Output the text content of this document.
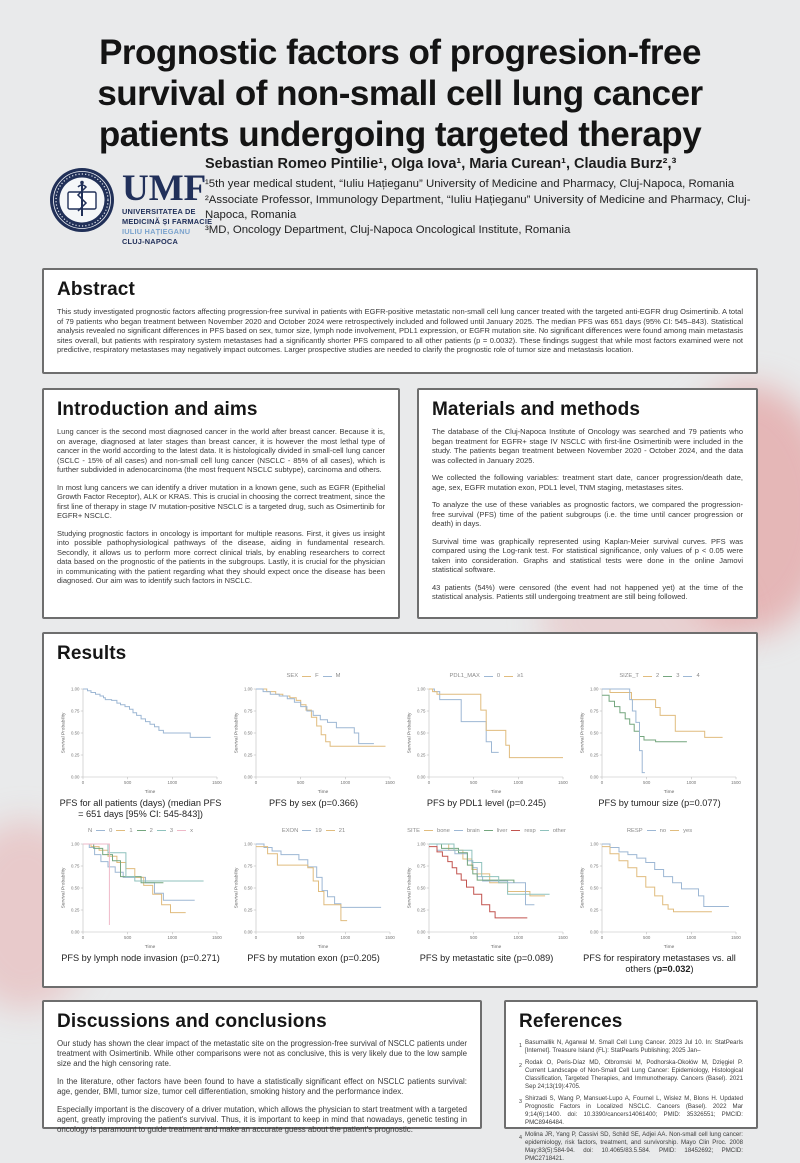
Prognostic factors of progresion-free
survival of non-small cell lung cancer
patients undergoing targeted therapy
UMF
UNIVERSITATEA DE
MEDICINĂ ȘI FARMACIE
IULIU HAȚIEGANU
CLUJ-NAPOCA
Sebastian Romeo Pintilie¹, Olga Iova¹, Maria Curean¹, Claudia Burz²,³
¹5th year medical student, “Iuliu Hațieganu” University of Medicine and Pharmacy, Cluj-Napoca, Romania
²Associate Professor, Immunology Department, “Iuliu Hațieganu” University of Medicine and Pharmacy, Cluj-Napoca, Romania
³MD, Oncology Department, Cluj-Napoca Oncological Institute, Romania
Abstract
This study investigated prognostic factors affecting progression-free survival in patients with EGFR-positive metastatic non-small cell lung cancer treated with the targeted anti-EGFR drug Osimertinib. A total of 79 patients who began treatment between November 2020 and October 2024 were retrospectively included and followed until January 2025. The median PFS was 651 days (95% CI: 545–843). Statistical analysis revealed no significant differences in PFS based on sex, tumor size, lymph node involvement, PDL1 expression, or EGFR mutation site. No significant differences were found among main metastasis sites overall, but patients with respiratory system metastases had a significantly shorter PFS compared to all other patients (p = 0.0032). These findings suggest that while most factors examined were not predictive, respiratory metastases may negatively impact outcomes. Larger prospective studies are needed to clarify the prognostic role of tumor size and metastasis location.
Introduction and aims

Lung cancer is the second most diagnosed cancer in the world after breast cancer. Because it is, on average, diagnosed at later stages than breast cancer, it is however the most lethal type of cancer in the world according to the latest data. It is histologically divided in small-cell lung cancer (SCLC - 15% of all cases) and non-small cell lung cancer (NSCLC - 85% of all cases), which is further subdivided in adenocarcinoma (the most frequent NSCLC subtype), carcinoma and others.

In most lung cancers we can identify a driver mutation in a known gene, such as EGFR (Epithelial Growth Factor Receptor), ALK or KRAS. This is crucial in choosing the correct treatment, since the first line of therapy in stage IV mutation-positive NSCLC is a targeted drug, such as Osimertinib for EGFR+ NSCLC.

Studying prognostic factors in oncology is important for multiple reasons. First, it gives us insight into possible pathophysiological pathways of the disease, aiding in fundamental research. Secondly, it allows us to perform more correct clinical trials, by enabling researchers to correct data based on the prognostic of the patients in the subgroups. Lastly, it is crucial for the physician in communicating with the patient regarding what they should expect once the disease has been diagnosed. Our aim was to identify such factors in NSCLC.

Materials and methods

The database of the Cluj-Napoca Institute of Oncology was searched and 79 patients who began treatment for EGFR+ stage IV NSCLC with first-line Osimertinib were included in the study. The patients began treatment between November 2020 - October 2024, and the data was collected in January 2025.

We collected the following variables: treatment start date, cancer progression/death date, age, sex, EGFR mutation exon, PDL1 level, TNM staging, metastases sites.

To analyze the use of these variables as prognostic factors, we compared the progression-free survival (PFS) time of the patient subgroups (i.e. the time until cancer progression or death) in days.

Survival time was graphically represented using Kaplan-Meier survival curves. PFS was compared using the Log-rank test. For statistical significance, only values of p < 0.05 were taken into consideration. Graphs and statistical tests were done in the online Jamovi statistical software.

43 patients (54%) were censored (the event had not happened yet) at the time of the statistical analysis. Patients still undergoing treatment are still being followed.

Results
1.00
0.75
0.50
0.25
0.00
0	500	1000	1500
Time
Survival Probability
PFS for all patients (days) (median PFS = 651 days [95% CI: 545-843])
SEX	F	M
1.00
0.75
0.50
0.25
0.00
0	500	1000	1500
Time
Survival Probability
PFS by sex (p=0.366)
PDL1_MAX	0	≥1
1.00
0.75
0.50
0.25
0.00
0	500	1000	1500
Time
Survival Probability
PFS by PDL1 level (p=0.245)
SIZE_T	2	3	4
1.00
0.75
0.50
0.25
0.00
0	500	1000	1500
Time
Survival Probability
PFS by tumour size (p=0.077)
N	0	1	2	3	x
1.00
0.75
0.50
0.25
0.00
0	500	1000	1500
Time
Survival Probability
PFS by lymph node invasion (p=0.271)
EXON	19	21
1.00
0.75
0.50
0.25
0.00
0	500	1000	1500
Time
Survival Probability
PFS by mutation exon (p=0.205)
SITE	bone	brain	liver	resp	other
1.00
0.75
0.50
0.25
0.00
0	500	1000	1500
Time
Survival Probability
PFS by metastatic site (p=0.089)
RESP	no	yes
1.00
0.75
0.50
0.25
0.00
0	500	1000	1500
Time
Survival Probability
PFS for respiratory metastases vs. all others (p=0.032)
Discussions and conclusions

Our study has shown the clear impact of the metastatic site on the progression-free survival of NSCLC patients under treatment with Osimertinib. While other comparisons were not as conclusive, this is very likely due to the low sample size and the high censoring rate.

In the literature, other factors have been found to have a statistically significant effect on NSCLC patients survival: age, gender, BMI, tumor size, tumor cell differentiation, smoking history and the performance index.

Especially important is the discovery of a driver mutation, which allows the physician to start treatment with a targeted agent, greatly improving the patient's survival. Thus, it is important to keep in mind that nowadays, genetic testing in oncology is paramount to guide treatment and make an accurate guess about the patient's prognostic.

References
1 Basumallik N, Agarwal M. Small Cell Lung Cancer. 2023 Jul 10. In: StatPearls [Internet]. Treasure Island (FL): StatPearls Publishing; 2025 Jan–
2 Rodak O, Peris-Díaz MD, Olbromski M, Podhorska-Okołów M, Dzięgiel P. Current Landscape of Non-Small Cell Lung Cancer: Epidemiology, Histological Classification, Targeted Therapies, and Immunotherapy. Cancers (Basel). 2021 Sep 24;13(19):4705.
3 Shirzadi S, Wang P, Mansuet-Lupo A, Fournel L, Wislez M, Blons H. Updated Prognostic Factors in Localized NSCLC. Cancers (Basel). 2022 Mar 9;14(6):1400. doi: 10.3390/cancers14061400; PMID: 35326551; PMCID: PMC8946484.
4 Molina JR, Yang P, Cassivi SD, Schild SE, Adjei AA. Non-small cell lung cancer: epidemiology, risk factors, treatment, and survivorship. Mayo Clin Proc. 2008 May;83(5):584-94. doi: 10.4065/83.5.584. PMID: 18452692; PMCID: PMC2718421.
